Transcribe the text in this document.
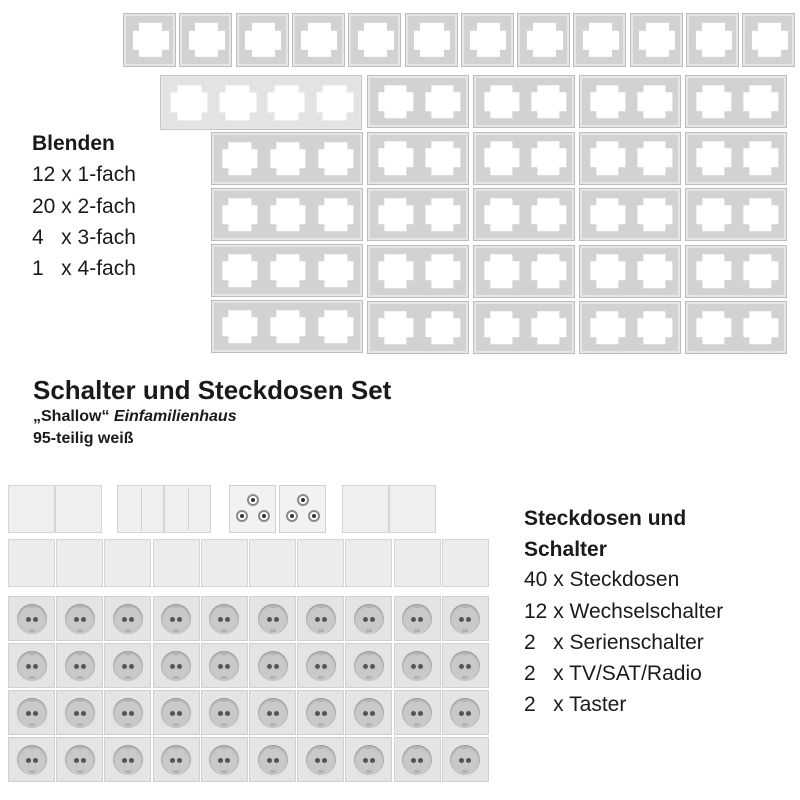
Blenden
12 x 1-fach
20 x 2-fach
4   x 3-fach
1   x 4-fach
Schalter und Steckdosen Set
„Shallow“ Einfamilienhaus
95-teilig weiß
Steckdosen und
Schalter
40 x Steckdosen
12 x Wechselschalter
2   x Serienschalter
2   x TV/SAT/Radio
2   x Taster
